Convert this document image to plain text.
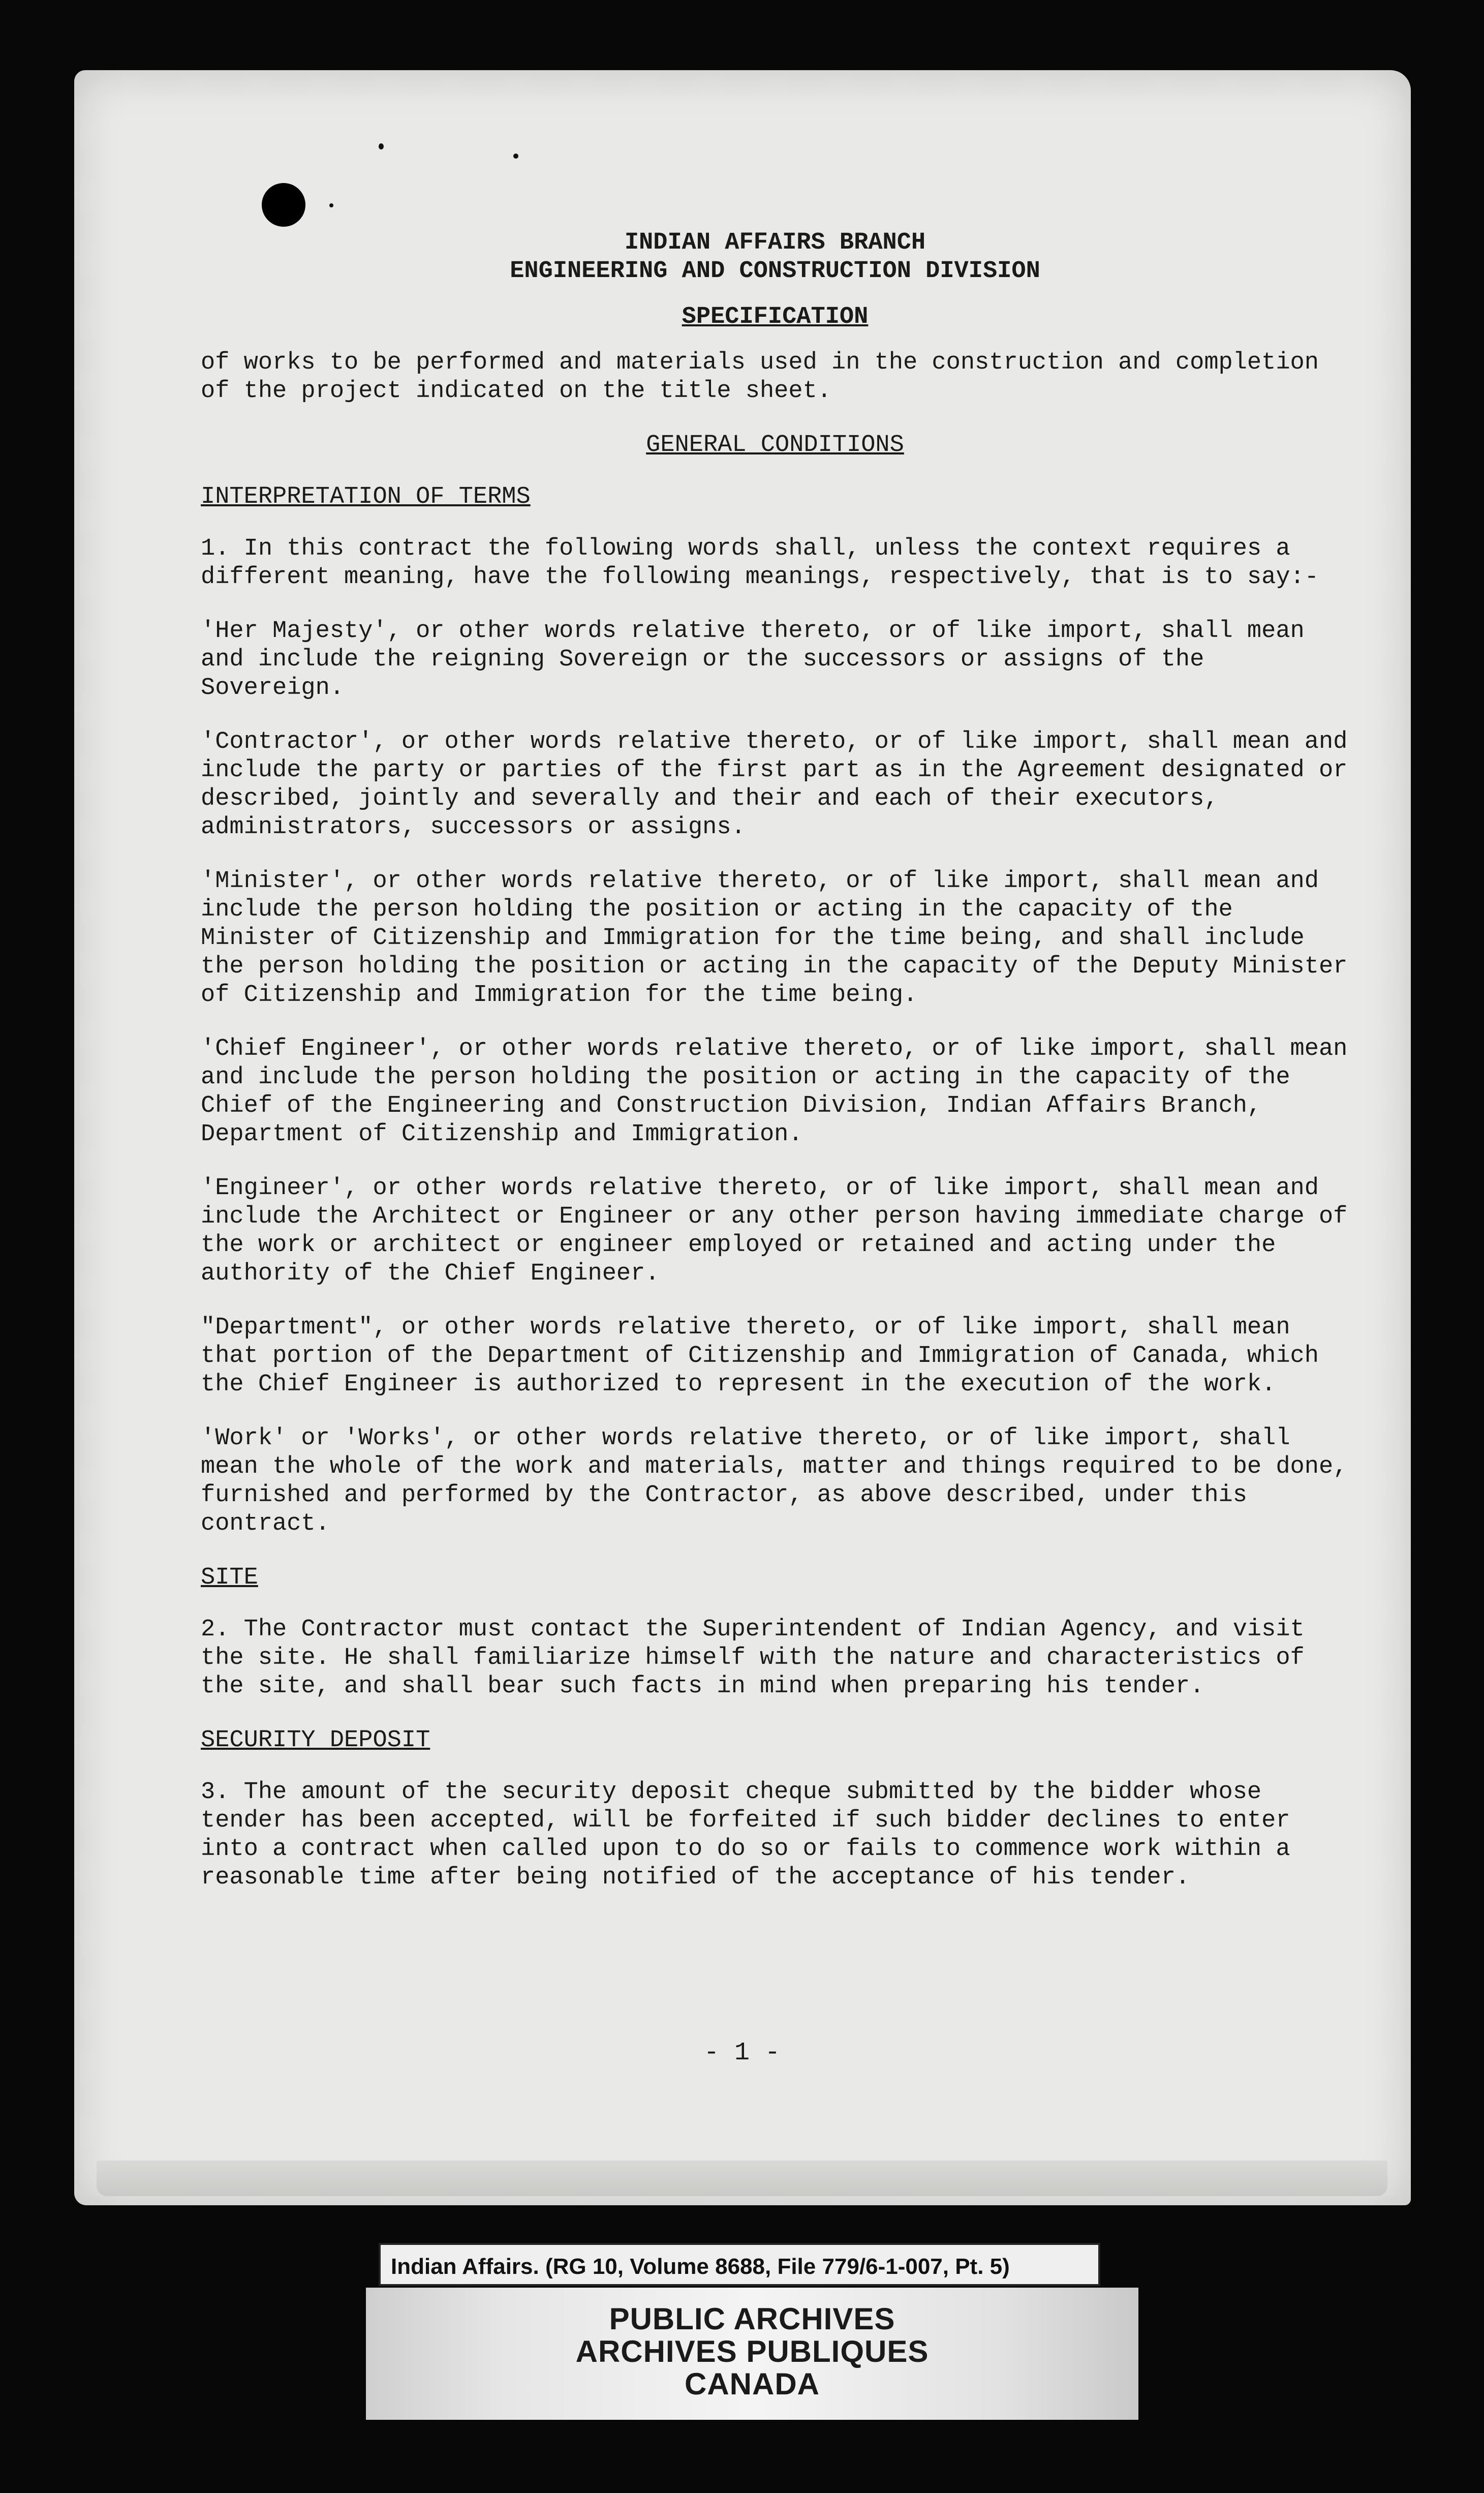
INDIAN AFFAIRS BRANCH

ENGINEERING AND CONSTRUCTION DIVISION

SPECIFICATION

of works to be performed and materials used in the construction and completion of the project indicated on the title sheet.

GENERAL CONDITIONS

INTERPRETATION OF TERMS

1. In this contract the following words shall, unless the context requires a different meaning, have the following meanings, respectively, that is to say:-

'Her Majesty', or other words relative thereto, or of like import, shall mean and include the reigning Sovereign or the successors or assigns of the Sovereign.

'Contractor', or other words relative thereto, or of like import, shall mean and include the party or parties of the first part as in the Agreement designated or described, jointly and severally and their and each of their executors, administrators, successors or assigns.

'Minister', or other words relative thereto, or of like import, shall mean and include the person holding the position or acting in the capacity of the Minister of Citizenship and Immigration for the time being, and shall include the person holding the position or acting in the capacity of the Deputy Minister of Citizenship and Immigration for the time being.

'Chief Engineer', or other words relative thereto, or of like import, shall mean and include the person holding the position or acting in the capacity of the Chief of the Engineering and Construction Division, Indian Affairs Branch, Department of Citizenship and Immigration.

'Engineer', or other words relative thereto, or of like import, shall mean and include the Architect or Engineer or any other person having immediate charge of the work or architect or engineer employed or retained and acting under the authority of the Chief Engineer.

"Department", or other words relative thereto, or of like import, shall mean that portion of the Department of Citizenship and Immigration of Canada, which the Chief Engineer is authorized to represent in the execution of the work.

'Work' or 'Works', or other words relative thereto, or of like import, shall mean the whole of the work and materials, matter and things required to be done, furnished and performed by the Contractor, as above described, under this contract.

SITE

2. The Contractor must contact the Superintendent of Indian Agency, and visit the site. He shall familiarize himself with the nature and characteristics of the site, and shall bear such facts in mind when preparing his tender.

SECURITY DEPOSIT

3. The amount of the security deposit cheque submitted by the bidder whose tender has been accepted, will be forfeited if such bidder declines to enter into a contract when called upon to do so or fails to commence work within a reasonable time after being notified of the acceptance of his tender.

- 1 -
Indian Affairs. (RG 10, Volume 8688, File 779/6-1-007, Pt. 5)
PUBLIC ARCHIVES
ARCHIVES PUBLIQUES
CANADA
